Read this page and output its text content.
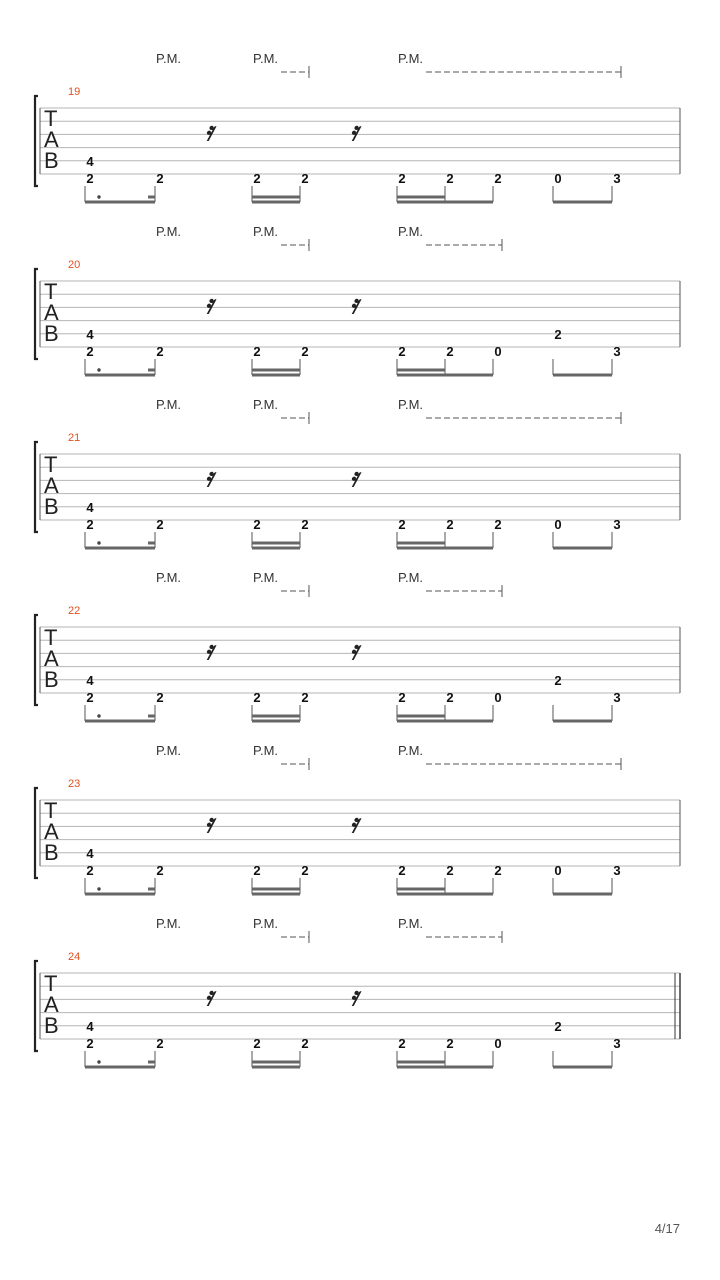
P.M.	P.M.	P.M.
19
T
A
B
𝄿	𝄿
2	2	2	2	2	2	2	0	3
4
P.M.	P.M.	P.M.
20
T
A
B
𝄿	𝄿
2	2	2	2	2	2	0	3
4	2
P.M.	P.M.	P.M.
21
T
A
B
𝄿	𝄿
2	2	2	2	2	2	2	0	3
4
P.M.	P.M.	P.M.
22
T
A
B
𝄿	𝄿
2	2	2	2	2	2	0	3
4	2
P.M.	P.M.	P.M.
23
T
A
B
𝄿	𝄿
2	2	2	2	2	2	2	0	3
4
P.M.	P.M.	P.M.
24
T
A
B
𝄿	𝄿
2	2	2	2	2	2	0	3
4	2
4/17
